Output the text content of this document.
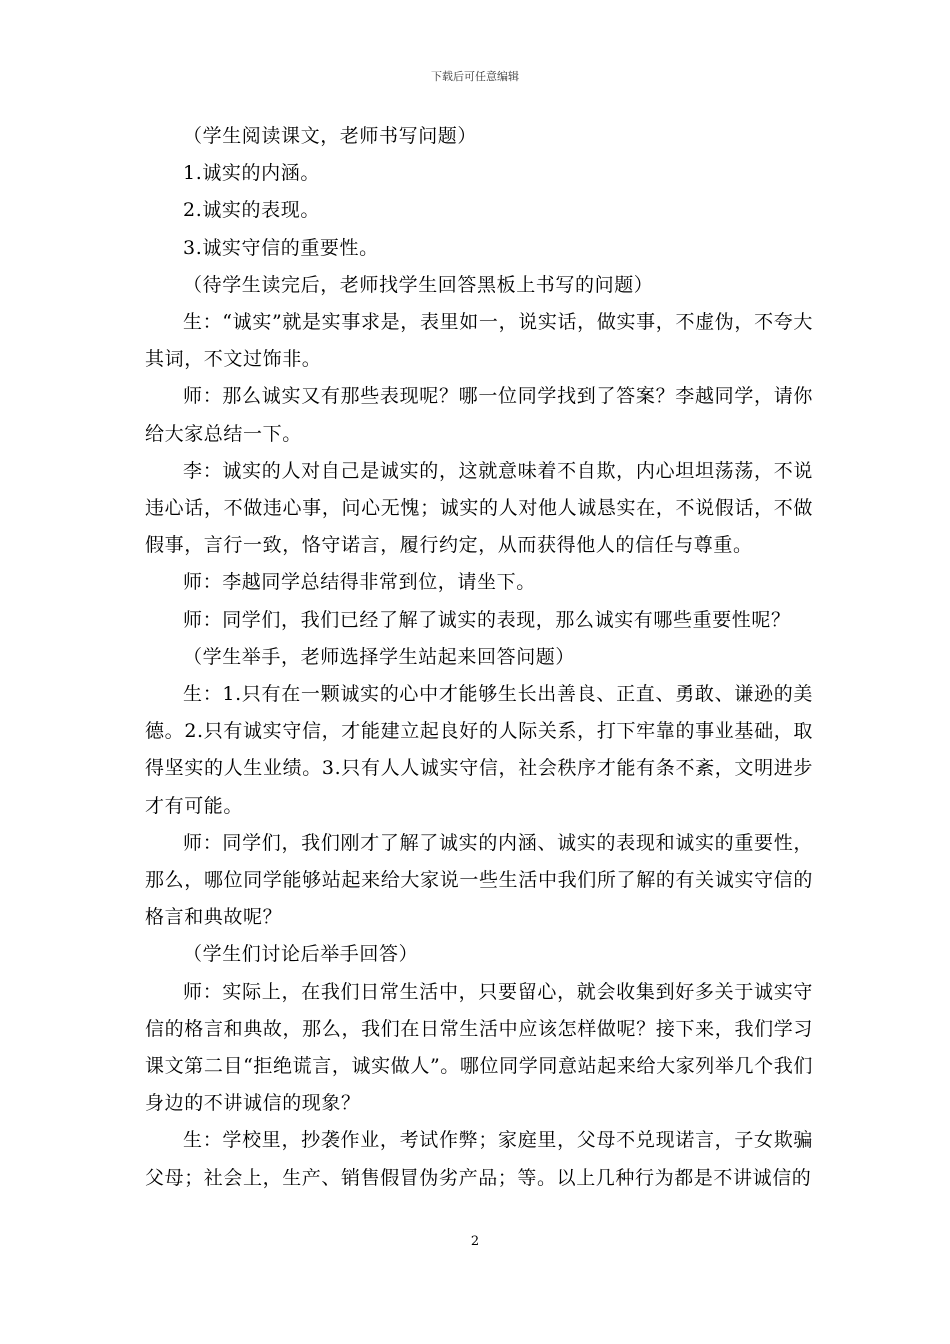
下载后可任意编辑

（学生阅读课文，老师书写问题）

1.诚实的内涵。

2.诚实的表现。

3.诚实守信的重要性。

（待学生读完后，老师找学生回答黑板上书写的问题）

生：“诚实”就是实事求是，表里如一，说实话，做实事，不虚伪，不夸大其词，不文过饰非。

师：那么诚实又有那些表现呢？哪一位同学找到了答案？李越同学，请你给大家总结一下。

李：诚实的人对自己是诚实的，这就意味着不自欺，内心坦坦荡荡，不说违心话，不做违心事，问心无愧；诚实的人对他人诚恳实在，不说假话，不做假事，言行一致，恪守诺言，履行约定，从而获得他人的信任与尊重。

师：李越同学总结得非常到位，请坐下。

师：同学们，我们已经了解了诚实的表现，那么诚实有哪些重要性呢？

（学生举手，老师选择学生站起来回答问题）

生：1.只有在一颗诚实的心中才能够生长出善良、正直、勇敢、谦逊的美德。2.只有诚实守信，才能建立起良好的人际关系，打下牢靠的事业基础，取得坚实的人生业绩。3.只有人人诚实守信，社会秩序才能有条不紊，文明进步才有可能。

师：同学们，我们刚才了解了诚实的内涵、诚实的表现和诚实的重要性，那么，哪位同学能够站起来给大家说一些生活中我们所了解的有关诚实守信的格言和典故呢？

（学生们讨论后举手回答）

师：实际上，在我们日常生活中，只要留心，就会收集到好多关于诚实守信的格言和典故，那么，我们在日常生活中应该怎样做呢？接下来，我们学习课文第二目“拒绝谎言，诚实做人”。哪位同学同意站起来给大家列举几个我们身边的不讲诚信的现象？

生：学校里，抄袭作业，考试作弊；家庭里，父母不兑现诺言，子女欺骗父母；社会上，生产、销售假冒伪劣产品；等。以上几种行为都是不讲诚信的

2
